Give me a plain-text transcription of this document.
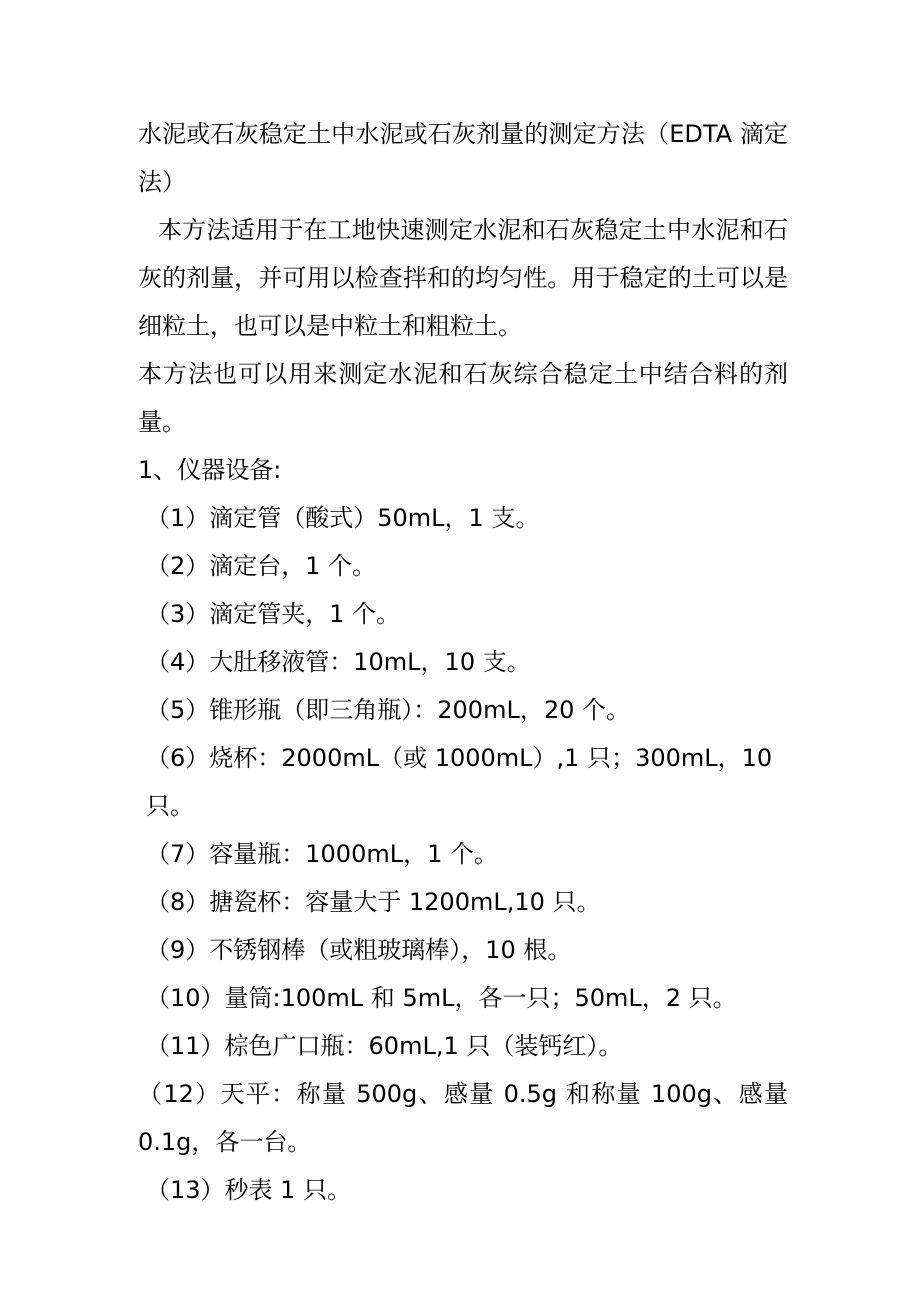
水泥或石灰稳定土中水泥或石灰剂量的测定方法（EDTA 滴定法）

本方法适用于在工地快速测定水泥和石灰稳定土中水泥和石灰的剂量，并可用以检查拌和的均匀性。用于稳定的土可以是细粒土，也可以是中粒土和粗粒土。

本方法也可以用来测定水泥和石灰综合稳定土中结合料的剂量。

1、仪器设备:

（1）滴定管（酸式）50mL，1 支。

（2）滴定台，1 个。

（3）滴定管夹，1 个。

（4）大肚移液管：10mL，10 支。

（5）锥形瓶（即三角瓶）：200mL，20 个。

（6）烧杯：2000mL（或 1000mL）,1 只；300mL，10 只。

（7）容量瓶：1000mL，1 个。

（8）搪瓷杯：容量大于 1200mL,10 只。

（9）不锈钢棒（或粗玻璃棒），10 根。

（10）量筒:100mL 和 5mL，各一只；50mL，2 只。

（11）棕色广口瓶：60mL,1 只（装钙红）。

（12）天平：称量 500g、感量 0.5g 和称量 100g、感量 0.1g，各一台。

（13）秒表 1 只。
